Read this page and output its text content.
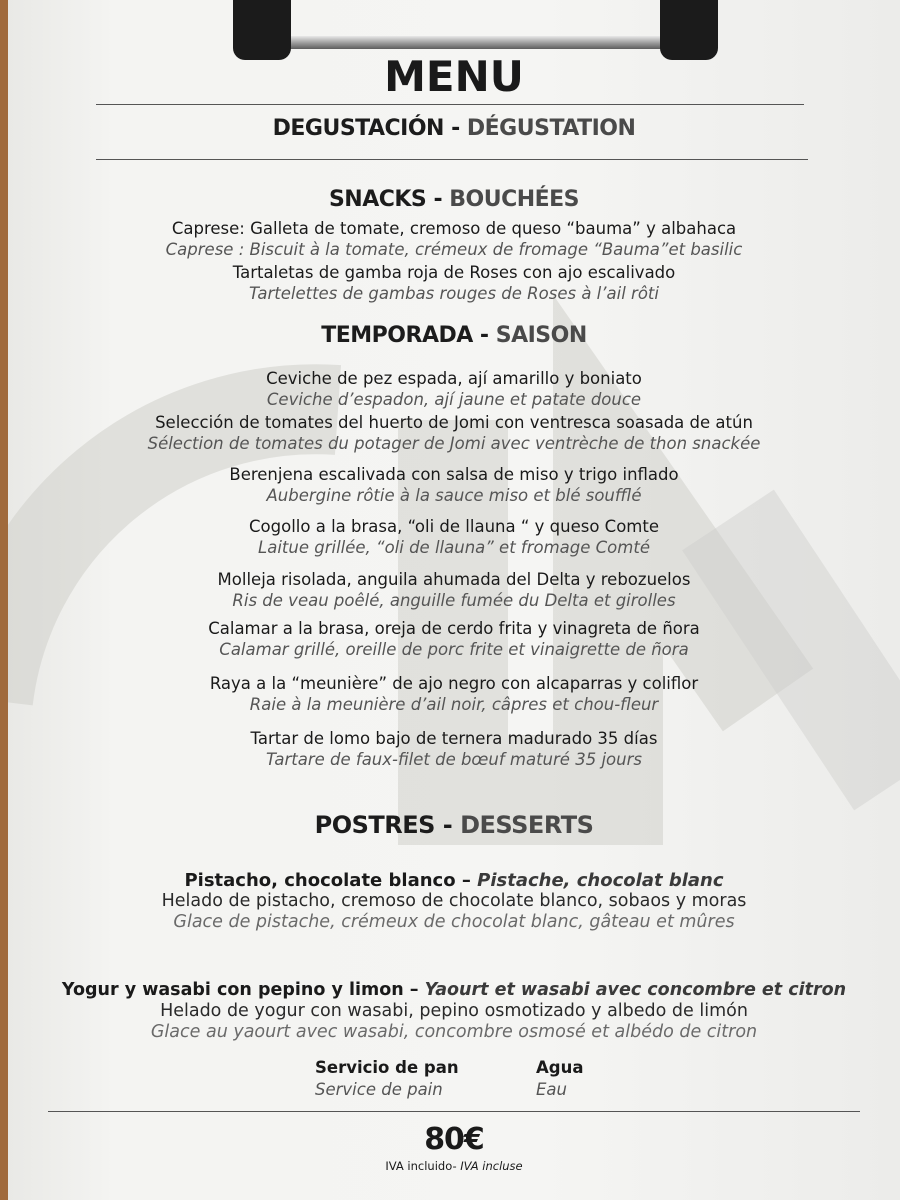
MENU
DEGUSTACIÓN - DÉGUSTATION
SNACKS - BOUCHÉES
Caprese: Galleta de tomate, cremoso de queso “bauma” y albahaca
Caprese : Biscuit à la tomate, crémeux de fromage “Bauma”et basilic
Tartaletas de gamba roja de Roses con ajo escalivado
Tartelettes de gambas rouges de Roses à l’ail rôti
TEMPORADA - SAISON
Ceviche de pez espada, ají amarillo y boniato
Ceviche d’espadon, ají jaune et patate douce
Selección de tomates del huerto de Jomi con ventresca soasada de atún
Sélection de tomates du potager de Jomi avec ventrèche de thon snackée
Berenjena escalivada con salsa de miso y trigo inflado
Aubergine rôtie à la sauce miso et blé soufflé
Cogollo a la brasa, “oli de llauna “ y queso Comte
Laitue grillée, “oli de llauna” et fromage Comté
Molleja risolada, anguila ahumada del Delta y rebozuelos
Ris de veau poêlé, anguille fumée du Delta et girolles
Calamar a la brasa, oreja de cerdo frita y vinagreta de ñora
Calamar grillé, oreille de porc frite et vinaigrette de ñora
Raya a la “meunière” de ajo negro con alcaparras y coliflor
Raie à la meunière d’ail noir, câpres et chou-fleur
Tartar de lomo bajo de ternera madurado 35 días
Tartare de faux-filet de bœuf maturé 35 jours
POSTRES - DESSERTS
Pistacho, chocolate blanco – Pistache, chocolat blanc
Helado de pistacho, cremoso de chocolate blanco, sobaos y moras
Glace de pistache, crémeux de chocolat blanc, gâteau et mûres
Yogur y wasabi con pepino y limon – Yaourt et wasabi avec concombre et citron
Helado de yogur con wasabi, pepino osmotizado y albedo de limón
Glace au yaourt avec wasabi, concombre osmosé et albédo de citron
Servicio de pan
Service de pain
Agua
Eau
80€
IVA incluido- IVA incluse
